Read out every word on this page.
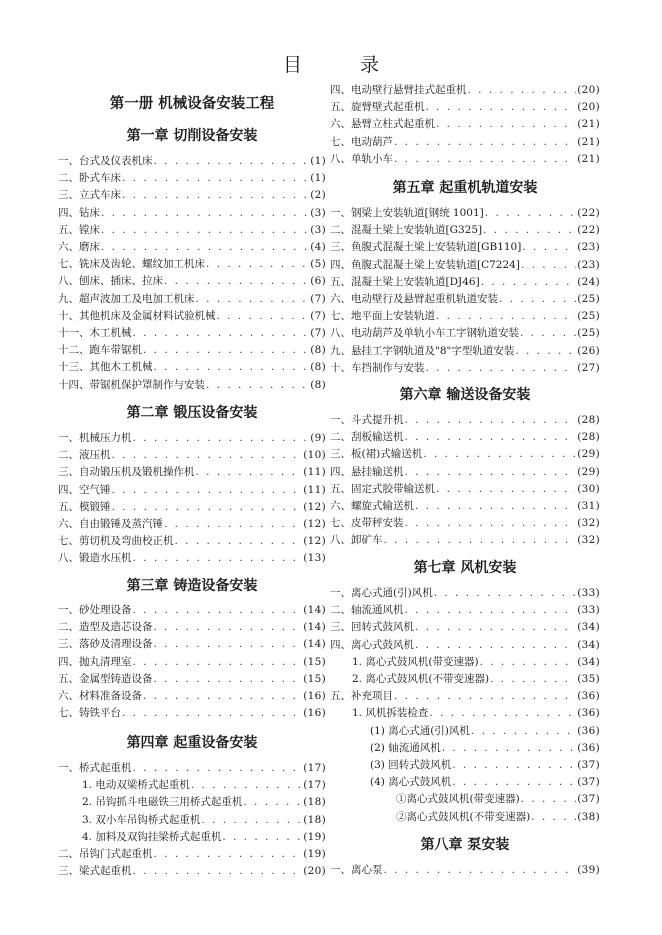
目 录
第一册 机械设备安装工程
第一章 切削设备安装
一、台式及仪表机床 . . .	(1)
二、卧式车床 . . .	(1)
三、立式车床 . . .	(2)
四、钻床 . . .	(3)
五、镗床 . . .	(3)
六、磨床 . . .	(4)
七、铣床及齿轮、螺纹加工机床 . . .	(5)
八、刨床、插床、拉床 . . .	(6)
九、超声波加工及电加工机床 . . .	(7)
十、其他机床及金属材料试验机械 . . .	(7)
十一、木工机械 . . .	(7)
十二、跑车带锯机 . . .	(8)
十三、其他木工机械 . . .	(8)
十四、带锯机保护罩制作与安装 . . .	(8)
第二章 锻压设备安装
一、机械压力机 . . .	(9)
二、液压机 . . .	(10)
三、自动锻压机及锻机操作机 . . .	(11)
四、空气锤 . . .	(11)
五、模锻锤 . . .	(12)
六、自由锻锤及蒸汽锤 . . .	(12)
七、剪切机及弯曲校正机 . . .	(12)
八、锻造水压机 . . .	(13)
第三章 铸造设备安装
一、砂处理设备 . . .	(14)
二、造型及造芯设备 . . .	(14)
三、落砂及清理设备 . . .	(14)
四、抛丸清理室 . . .	(15)
五、金属型铸造设备 . . .	(15)
六、材料准备设备 . . .	(16)
七、铸铁平台 . . .	(16)
第四章 起重设备安装
一、桥式起重机 . . .	(17)
1. 电动双梁桥式起重机 . . .	(17)
2. 吊钩抓斗电磁铁三用桥式起重机 . . .	(18)
3. 双小车吊钩桥式起重机 . . .	(18)
4. 加料及双钩挂梁桥式起重机 . . .	(19)
二、吊钩门式起重机 . . .	(19)
三、梁式起重机 . . .	(20)
四、电动壁行悬臂挂式起重机 . . .	(20)
五、旋臂壁式起重机 . . .	(20)
六、悬臂立柱式起重机 . . .	(21)
七、电动葫芦 . . .	(21)
八、单轨小车 . . .	(21)
第五章 起重机轨道安装
一、钢梁上安装轨道[钢统 1001] . . .	(22)
二、混凝土梁上安装轨道[G325] . . .	(22)
三、鱼腹式混凝土梁上安装轨道[GB110] . . .	(23)
四、鱼腹式混凝土梁上安装轨道[C7224] . . .	(23)
五、混凝土梁上安装轨道[DJ46] . . .	(24)
六、电动壁行及悬臂起重机轨道安装 . . .	(25)
七、地平面上安装轨道 . . .	(25)
八、电动葫芦及单轨小车工字钢轨道安装 . . .	(25)
九、悬挂工字钢轨道及"8"字型轨道安装 . . .	(26)
十、车挡制作与安装 . . .	(27)
第六章 输送设备安装
一、斗式提升机 . . .	(28)
二、刮板输送机 . . .	(28)
三、板(裙)式输送机 . . .	(29)
四、悬挂输送机 . . .	(29)
五、固定式胶带输送机 . . .	(30)
六、螺旋式输送机 . . .	(31)
七、皮带秤安装 . . .	(32)
八、卸矿车 . . .	(32)
第七章 风机安装
一、离心式通(引)风机 . . .	(33)
二、轴流通风机 . . .	(33)
三、回转式鼓风机 . . .	(34)
四、离心式鼓风机 . . .	(34)
1. 离心式鼓风机(带变速器) . . .	(34)
2. 离心式鼓风机(不带变速器) . . .	(35)
五、补充项目 . . .	(36)
1. 风机拆装检查 . . .	(36)
(1) 离心式通(引)风机 . . .	(36)
(2) 轴流通风机 . . .	(36)
(3) 回转式鼓风机 . . .	(37)
(4) 离心式鼓风机 . . .	(37)
①离心式鼓风机(带变速器) . . .	(37)
②离心式鼓风机(不带变速器) . . .	(38)
第八章 泵安装
一、离心泵 . . .	(39)
